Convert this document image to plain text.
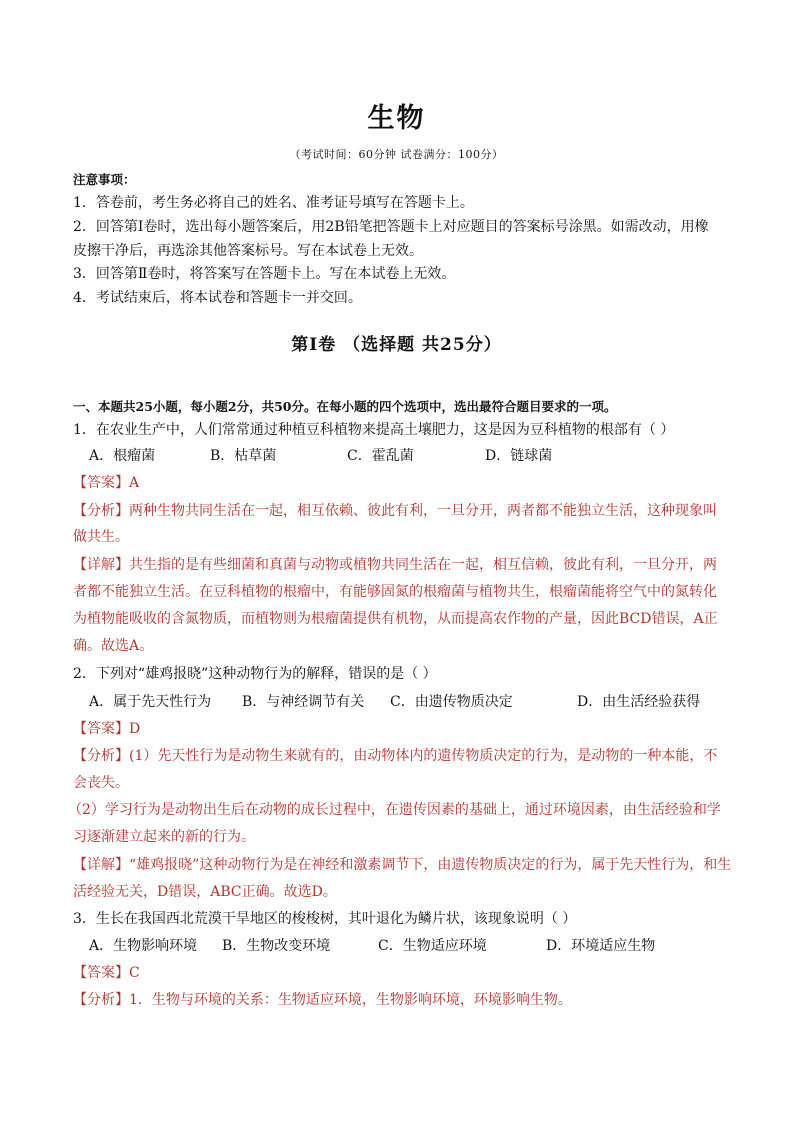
生物
（考试时间：60分钟 试卷满分：100分）
注意事项：
1．答卷前，考生务必将自己的姓名、准考证号填写在答题卡上。
2．回答第Ⅰ卷时，选出每小题答案后，用2B铅笔把答题卡上对应题目的答案标号涂黑。如需改动，用橡
皮擦干净后，再选涂其他答案标号。写在本试卷上无效。
3．回答第Ⅱ卷时，将答案写在答题卡上。写在本试卷上无效。
4．考试结束后，将本试卷和答题卡一并交回。
第Ⅰ卷 （选择题 共25分）
一、本题共25小题，每小题2分，共50分。在每小题的四个选项中，选出最符合题目要求的一项。
1．在农业生产中，人们常常通过种植豆科植物来提高土壤肥力，这是因为豆科植物的根部有（ ）
A．根瘤菌	B．枯草菌	C．霍乱菌	D．链球菌
【答案】A
【分析】两种生物共同生活在一起，相互依赖、彼此有利，一旦分开，两者都不能独立生活，这种现象叫
做共生。
【详解】共生指的是有些细菌和真菌与动物或植物共同生活在一起，相互信赖，彼此有利，一旦分开，两
者都不能独立生活。在豆科植物的根瘤中，有能够固氮的根瘤菌与植物共生，根瘤菌能将空气中的氮转化
为植物能吸收的含氮物质，而植物则为根瘤菌提供有机物，从而提高农作物的产量，因此BCD错误，A正
确。故选A。
2．下列对“雄鸡报晓”这种动物行为的解释，错误的是（ ）
A．属于先天性行为 B．与神经调节有关 C．由遗传物质决定	D．由生活经验获得
【答案】D
【分析】(1）先天性行为是动物生来就有的，由动物体内的遗传物质决定的行为，是动物的一种本能，不
会丧失。
（2）学习行为是动物出生后在动物的成长过程中，在遗传因素的基础上，通过环境因素，由生活经验和学
习逐渐建立起来的新的行为。
【详解】“雄鸡报晓”这种动物行为是在神经和激素调节下，由遗传物质决定的行为，属于先天性行为，和生
活经验无关，D错误，ABC正确。故选D。
3．生长在我国西北荒漠干旱地区的梭梭树，其叶退化为鳞片状，该现象说明（ ）
A．生物影响环境 B．生物改变环境	C．生物适应环境	D．环境适应生物
【答案】C
【分析】1．生物与环境的关系：生物适应环境，生物影响环境，环境影响生物。
